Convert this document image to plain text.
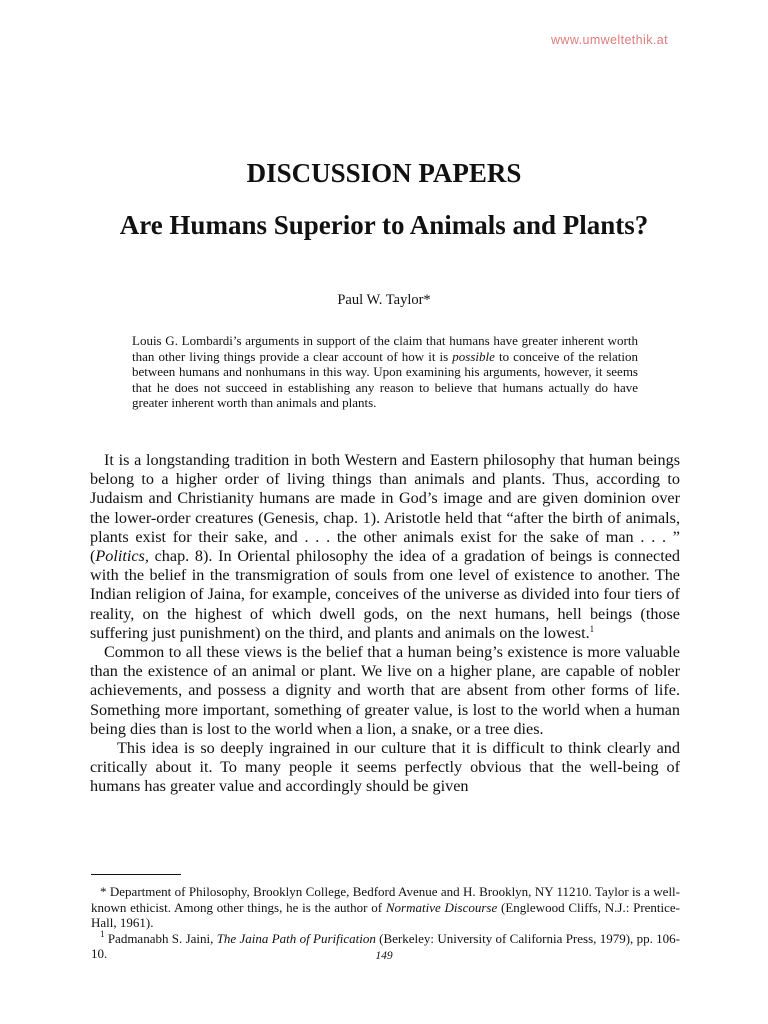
www.umweltethik.at
DISCUSSION PAPERS
Are Humans Superior to Animals and Plants?
Paul W. Taylor*

Louis G. Lombardi’s arguments in support of the claim that humans have greater inherent worth than other living things provide a clear account of how it is possible to conceive of the relation between humans and nonhumans in this way. Upon examining his arguments, however, it seems that he does not succeed in establishing any reason to believe that humans actually do have greater inherent worth than animals and plants.

It is a longstanding tradition in both Western and Eastern philosophy that human beings belong to a higher order of living things than animals and plants. Thus, according to Judaism and Christianity humans are made in God’s image and are given dominion over the lower-order creatures (Genesis, chap. 1). Aristotle held that “after the birth of animals, plants exist for their sake, and . . . the other animals exist for the sake of man . . . ” (Politics, chap. 8). In Oriental philosophy the idea of a gradation of beings is connected with the belief in the transmigration of souls from one level of existence to another. The Indian religion of Jaina, for example, conceives of the universe as divided into four tiers of reality, on the highest of which dwell gods, on the next humans, hell beings (those suffering just punishment) on the third, and plants and animals on the lowest.$^1$

Common to all these views is the belief that a human being’s existence is more valuable than the existence of an animal or plant. We live on a higher plane, are capable of nobler achievements, and possess a dignity and worth that are absent from other forms of life. Something more important, something of greater value, is lost to the world when a human being dies than is lost to the world when a lion, a snake, or a tree dies.

This idea is so deeply ingrained in our culture that it is difficult to think clearly and critically about it. To many people it seems perfectly obvious that the well-being of humans has greater value and accordingly should be given

* Department of Philosophy, Brooklyn College, Bedford Avenue and H. Brooklyn, NY 11210. Taylor is a well-known ethicist. Among other things, he is the author of Normative Discourse (Englewood Cliffs, N.J.: Prentice-Hall, 1961).

$^1$ Padmanabh S. Jaini, The Jaina Path of Purification (Berkeley: University of California Press, 1979), pp. 106-10.	149
